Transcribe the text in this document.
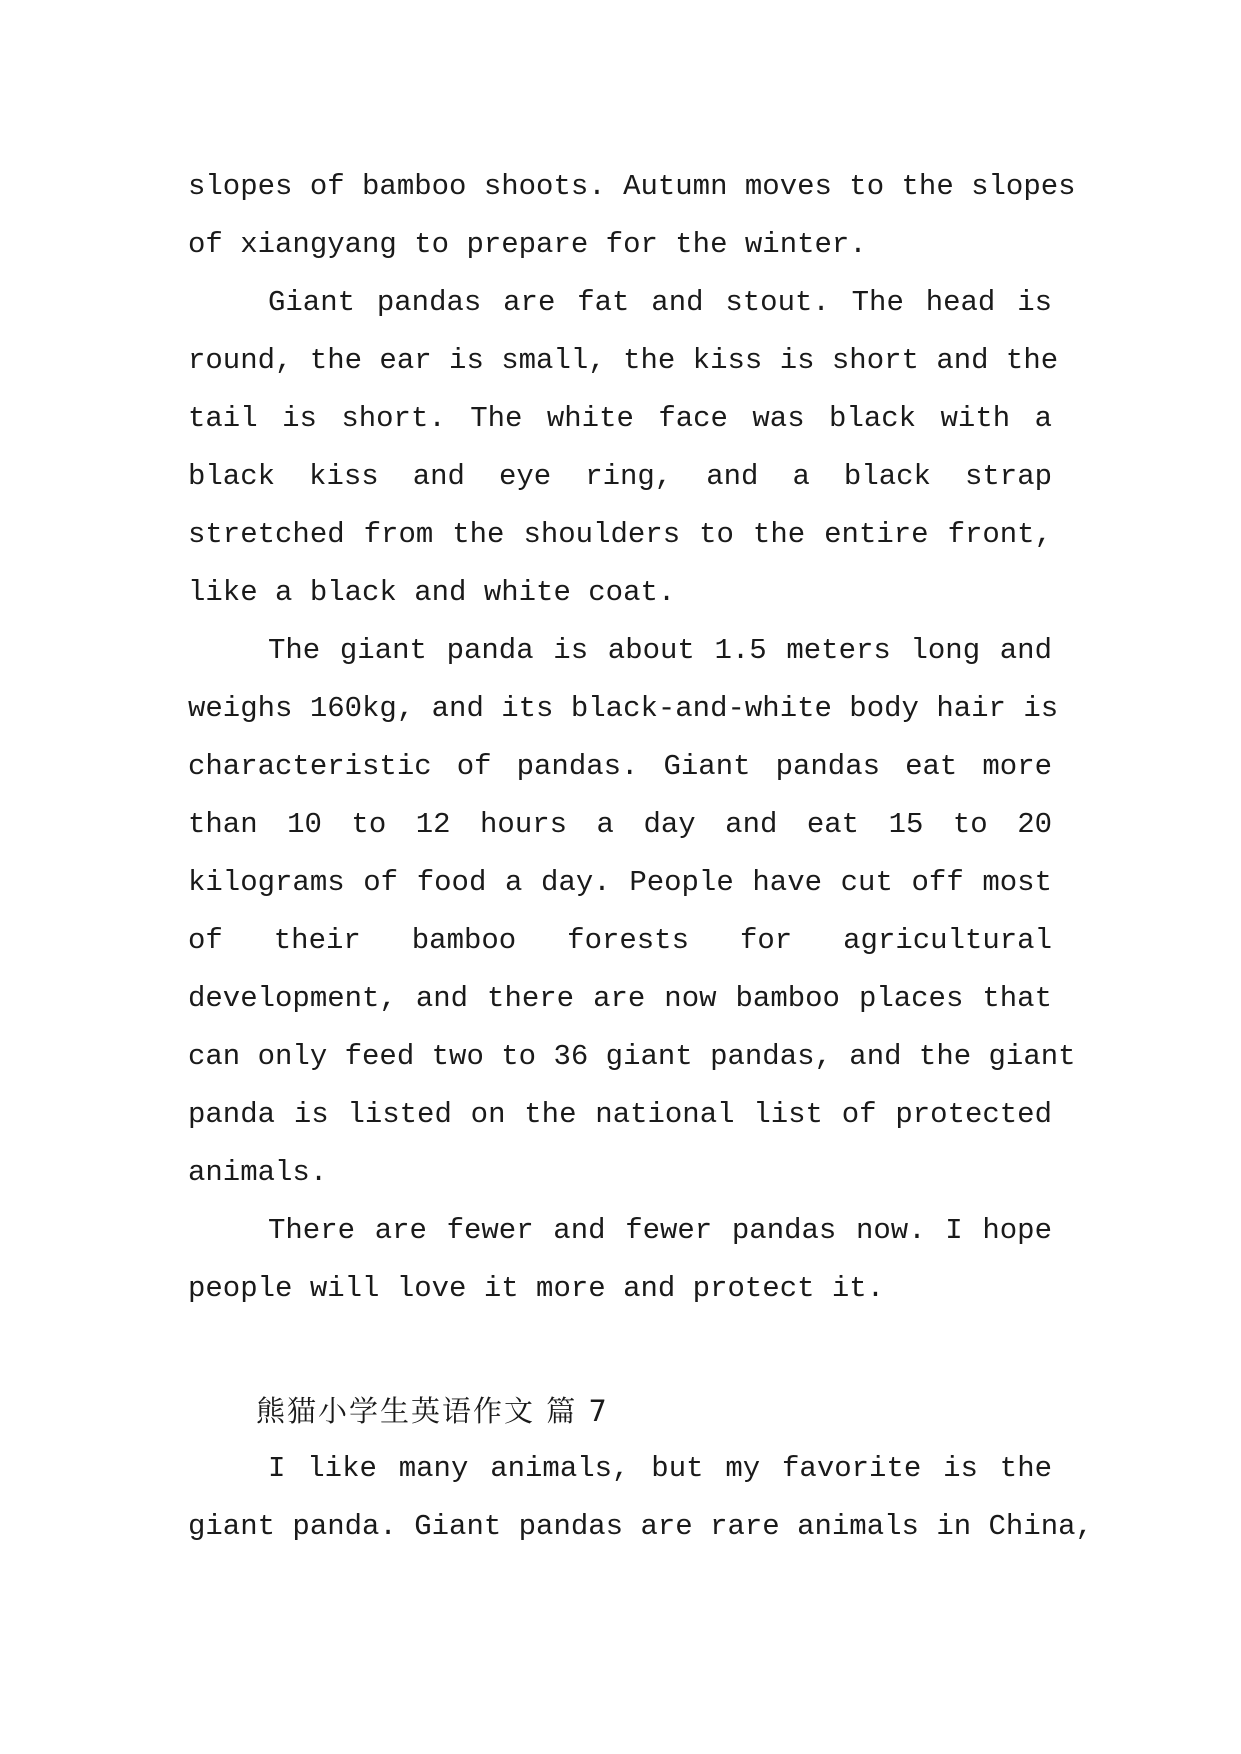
slopes of bamboo shoots. Autumn moves to the slopes
of xiangyang to prepare for the winter.
Giant pandas are fat and stout. The head is
round, the ear is small, the kiss is short and the
tail is short. The white face was black with a
black kiss and eye ring, and a black strap
stretched from the shoulders to the entire front,
like a black and white coat.
The giant panda is about 1.5 meters long and
weighs 160kg, and its black-and-white body hair is
characteristic of pandas. Giant pandas eat more
than 10 to 12 hours a day and eat 15 to 20
kilograms of food a day. People have cut off most
of their bamboo forests for agricultural
development, and there are now bamboo places that
can only feed two to 36 giant pandas, and the giant
panda is listed on the national list of protected
animals.
There are fewer and fewer pandas now. I hope
people will love it more and protect it.
熊猫小学生英语作文 篇 7
I like many animals, but my favorite is the
giant panda. Giant pandas are rare animals in China,
